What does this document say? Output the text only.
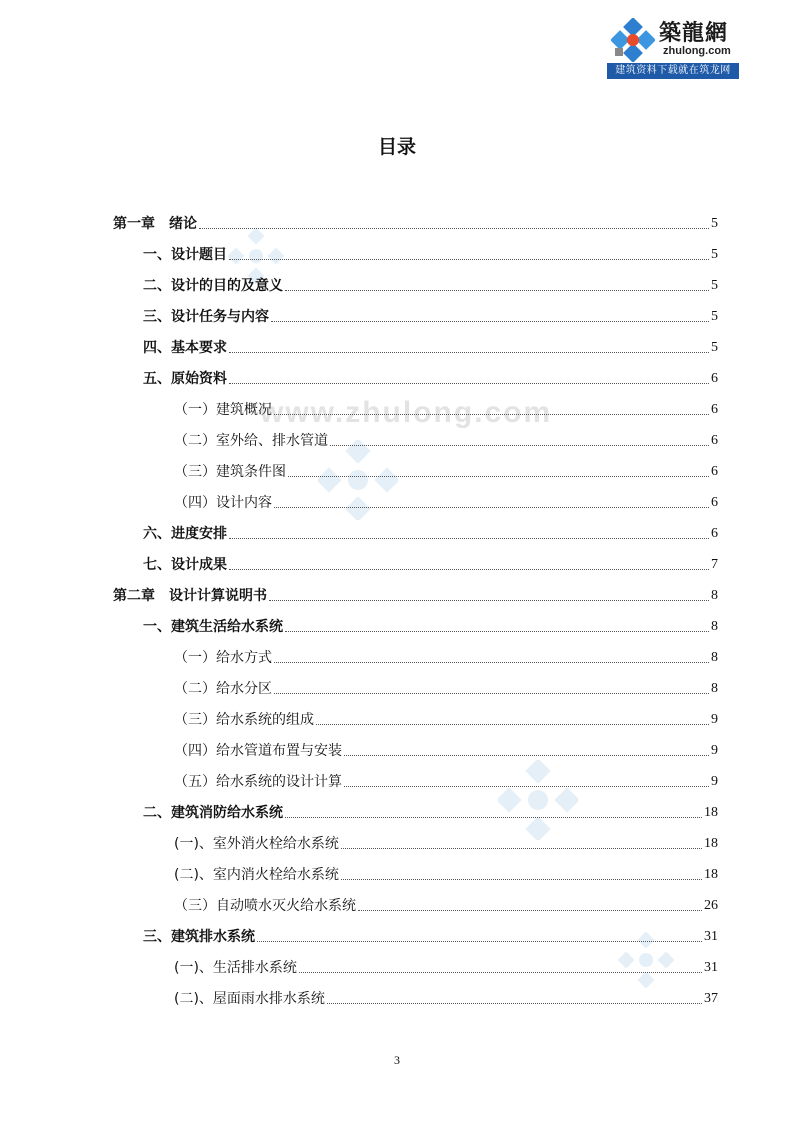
築龍網
zhulong.com
建筑资料下载就在筑龙网
www.zhulong.com
目录
第一章　绪论	5
一、设计题目	5
二、设计的目的及意义	5
三、设计任务与内容	5
四、基本要求	5
五、原始资料	6
（一）建筑概况	6
（二）室外给、排水管道	6
（三）建筑条件图	6
（四）设计内容	6
六、进度安排	6
七、设计成果	7
第二章　设计计算说明书	8
一、建筑生活给水系统	8
（一）给水方式	8
（二）给水分区	8
（三）给水系统的组成	9
（四）给水管道布置与安装	9
（五）给水系统的设计计算	9
二、建筑消防给水系统	18
(一)、室外消火栓给水系统	18
(二)、室内消火栓给水系统	18
（三）自动喷水灭火给水系统	26
三、建筑排水系统	31
(一)、生活排水系统	31
(二)、屋面雨水排水系统	37
3
